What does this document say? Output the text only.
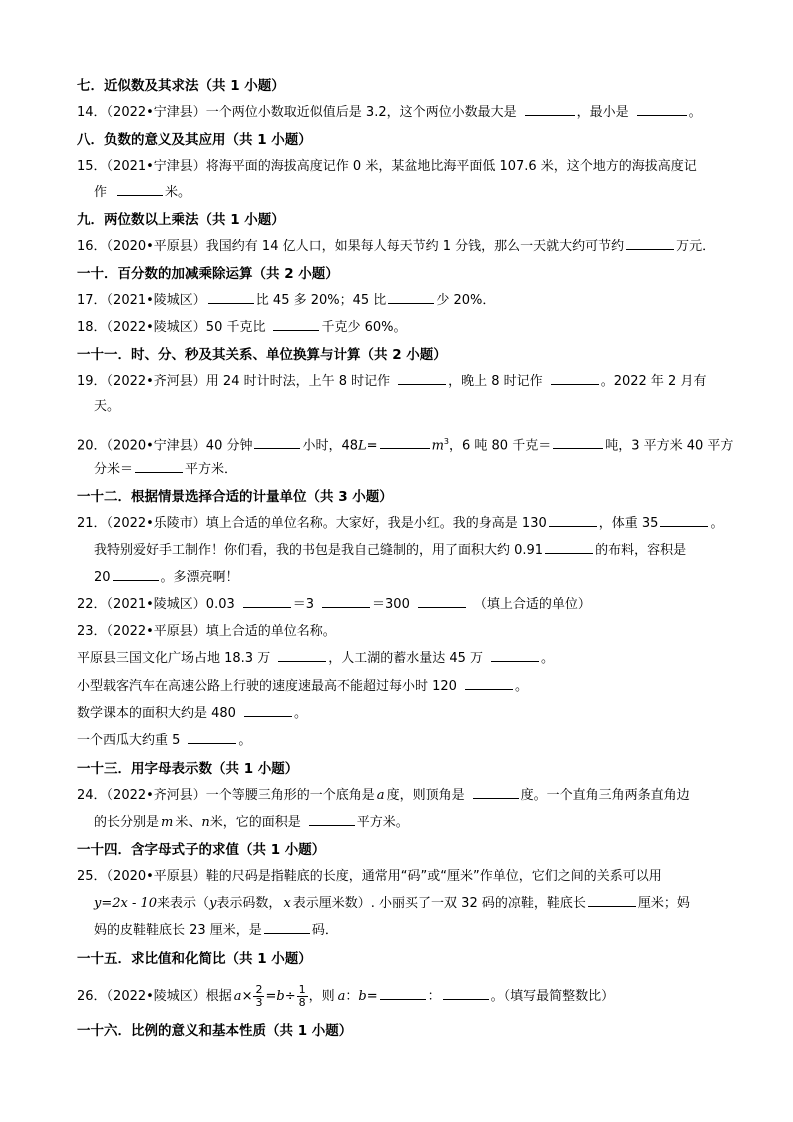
七．近似数及其求法（共 1 小题）
14．（2022•宁津县）一个两位小数取近似值后是 3.2，这个两位小数最大是	，最小是	。
八．负数的意义及其应用（共 1 小题）
15．（2021•宁津县）将海平面的海拔高度记作 0 米，某盆地比海平面低 107.6 米，这个地方的海拔高度记
作	米。
九．两位数以上乘法（共 1 小题）
16．（2020•平原县）我国约有 14 亿人口，如果每人每天节约 1 分钱，那么一天就大约可节约	万元．
一十．百分数的加减乘除运算（共 2 小题）
17．（2021•陵城区）	比 45 多 20%；45 比	少 20%．
18．（2022•陵城区）50 千克比	千克少 60%。
一十一．时、分、秒及其关系、单位换算与计算（共 2 小题）
19．（2022•齐河县）用 24 时计时法，上午 8 时记作	，晚上 8 时记作	。2022 年 2 月有
天。
20．（2020•宁津县）40 分钟	小时，48L=	$m^3$，6 吨 80 千克＝	吨，3 平方米 40 平方
分米＝	平方米．
一十二．根据情景选择合适的计量单位（共 3 小题）
21．（2022•乐陵市）填上合适的单位名称。大家好，我是小红。我的身高是 130	，体重 35	。
我特别爱好手工制作！你们看，我的书包是我自己缝制的，用了面积大约 0.91	的布料，容积是
20	。多漂亮啊！
22．（2021•陵城区）0.03	＝3	＝300	（填上合适的单位）
23．（2022•平原县）填上合适的单位名称。
平原县三国文化广场占地 18.3 万	，人工湖的蓄水量达 45 万	。
小型载客汽车在高速公路上行驶的速度速最高不能超过每小时 120	。
数学课本的面积大约是 480	。
一个西瓜大约重 5	。
一十三．用字母表示数（共 1 小题）
24．（2022•齐河县）一个等腰三角形的一个底角是 a 度，则顶角是	度。一个直角三角两条直角边
的长分别是 m 米、n米，它的面积是	平方米。
一十四．含字母式子的求值（共 1 小题）
25．（2020•平原县）鞋的尺码是指鞋底的长度，通常用“码”或“厘米”作单位，它们之间的关系可以用
y=2x - 10来表示（y表示码数， x 表示厘米数）. 小丽买了一双 32 码的凉鞋，鞋底长	厘米；妈
妈的皮鞋鞋底长 23 厘米，是	码．
一十五．求比值和化简比（共 1 小题）
26．（2022•陵城区）根据 $a\times \frac{2}{3} =b\div \frac{1}{8}$ ，则 a：b=	：	。（填写最简整数比）
一十六．比例的意义和基本性质（共 1 小题）
